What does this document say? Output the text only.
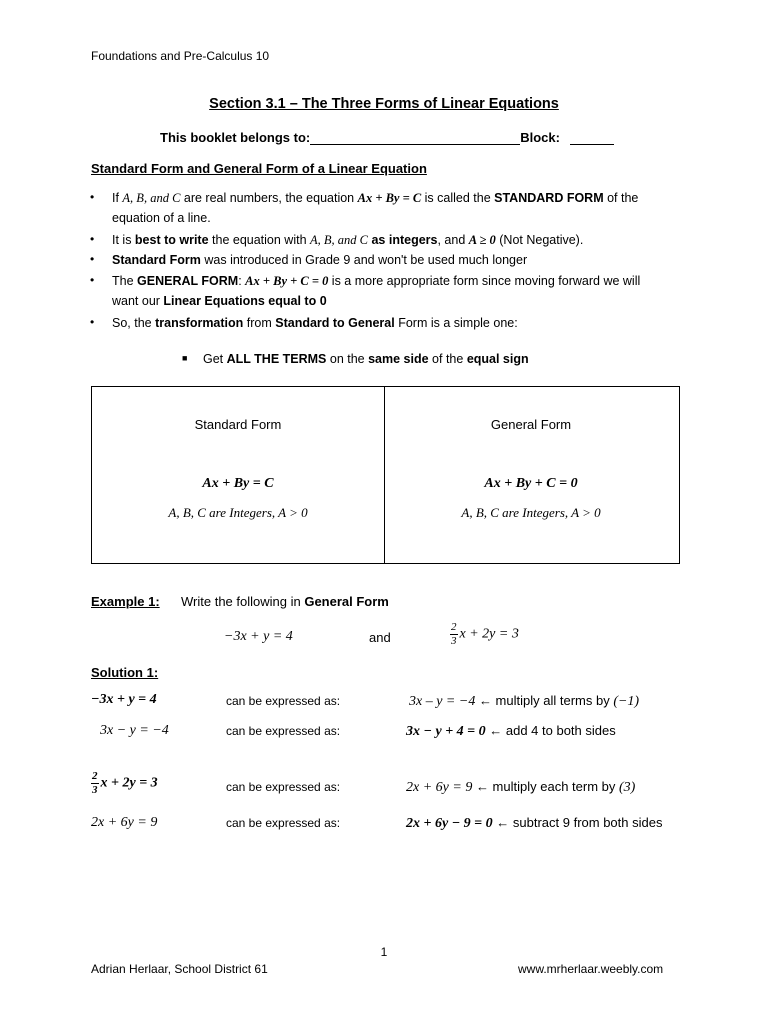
Foundations and Pre-Calculus 10
Section 3.1 – The Three Forms of Linear Equations
This booklet belongs to:	Block:
Standard Form and General Form of a Linear Equation
• If A, B, and C are real numbers, the equation Ax + By = C is called the STANDARD FORM of the
equation of a line.
• It is best to write the equation with A, B, and C as integers, and A ≥ 0 (Not Negative).
• Standard Form was introduced in Grade 9 and won't be used much longer
• The GENERAL FORM: Ax + By + C = 0 is a more appropriate form since moving forward we will
want our Linear Equations equal to 0
• So, the transformation from Standard to General Form is a simple one:
■ Get ALL THE TERMS on the same side of the equal sign
Standard Form
Ax + By = C
A, B, C are Integers, A > 0
General Form
Ax + By + C = 0
A, B, C are Integers, A > 0
Example 1: Write the following in General Form
−3x + y = 4	and	$\frac{2}{3}$ x + 2y = 3
Solution 1:
−3x + y = 4	can be expressed as:	3x – y = −4 ← multiply all terms by (−1)
3x − y = −4	can be expressed as:	3x − y + 4 = 0 ← add 4 to both sides
$\frac{2}{3}$ x + 2y = 3	can be expressed as:	2x + 6y = 9 ← multiply each term by (3)
2x + 6y = 9	can be expressed as:	2x + 6y − 9 = 0 ← subtract 9 from both sides
1
Adrian Herlaar, School District 61	www.mrherlaar.weebly.com
